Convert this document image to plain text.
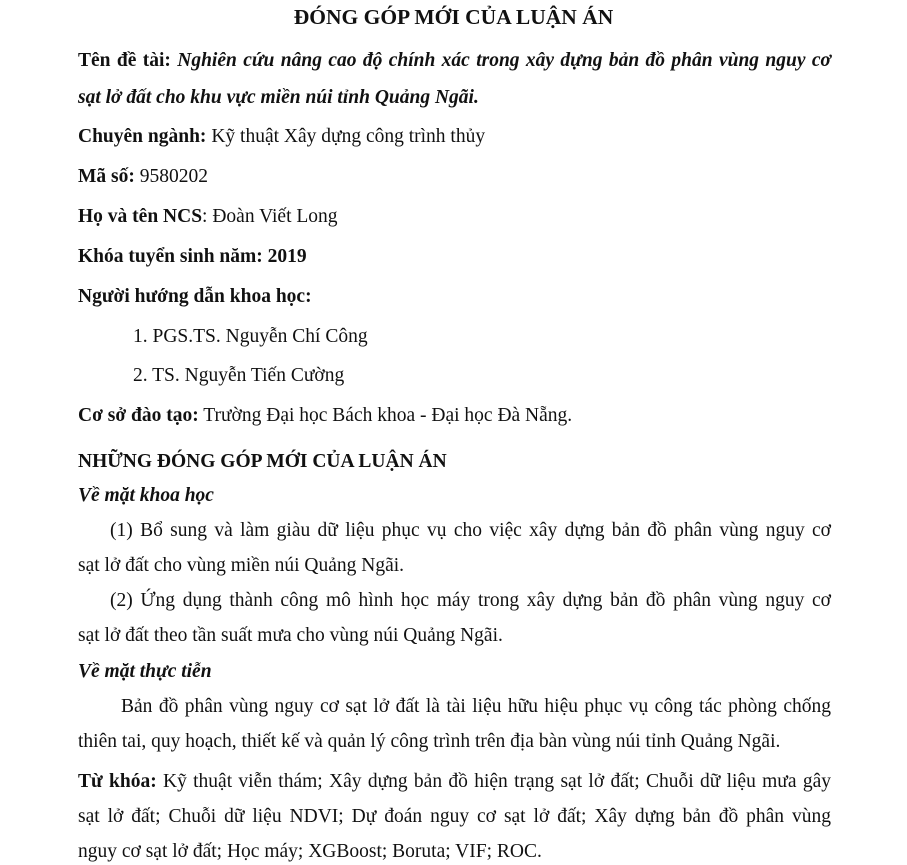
ĐÓNG GÓP MỚI CỦA LUẬN ÁN
Tên đề tài: Nghiên cứu nâng cao độ chính xác trong xây dựng bản đồ phân vùng nguy cơ
sạt lở đất cho khu vực miền núi tỉnh Quảng Ngãi.
Chuyên ngành: Kỹ thuật Xây dựng công trình thủy
Mã số: 9580202
Họ và tên NCS: Đoàn Viết Long
Khóa tuyển sinh năm: 2019
Người hướng dẫn khoa học:
1. PGS.TS. Nguyễn Chí Công
2. TS. Nguyễn Tiến Cường
Cơ sở đào tạo: Trường Đại học Bách khoa - Đại học Đà Nẵng.
NHỮNG ĐÓNG GÓP MỚI CỦA LUẬN ÁN
Về mặt khoa học
(1) Bổ sung và làm giàu dữ liệu phục vụ cho việc xây dựng bản đồ phân vùng nguy cơ
sạt lở đất cho vùng miền núi Quảng Ngãi.
(2) Ứng dụng thành công mô hình học máy trong xây dựng bản đồ phân vùng nguy cơ
sạt lở đất theo tần suất mưa cho vùng núi Quảng Ngãi.
Về mặt thực tiễn
Bản đồ phân vùng nguy cơ sạt lở đất là tài liệu hữu hiệu phục vụ công tác phòng chống
thiên tai, quy hoạch, thiết kế và quản lý công trình trên địa bàn vùng núi tỉnh Quảng Ngãi.
Từ khóa: Kỹ thuật viễn thám; Xây dựng bản đồ hiện trạng sạt lở đất; Chuỗi dữ liệu mưa gây
sạt lở đất; Chuỗi dữ liệu NDVI; Dự đoán nguy cơ sạt lở đất; Xây dựng bản đồ phân vùng
nguy cơ sạt lở đất; Học máy; XGBoost; Boruta; VIF; ROC.
